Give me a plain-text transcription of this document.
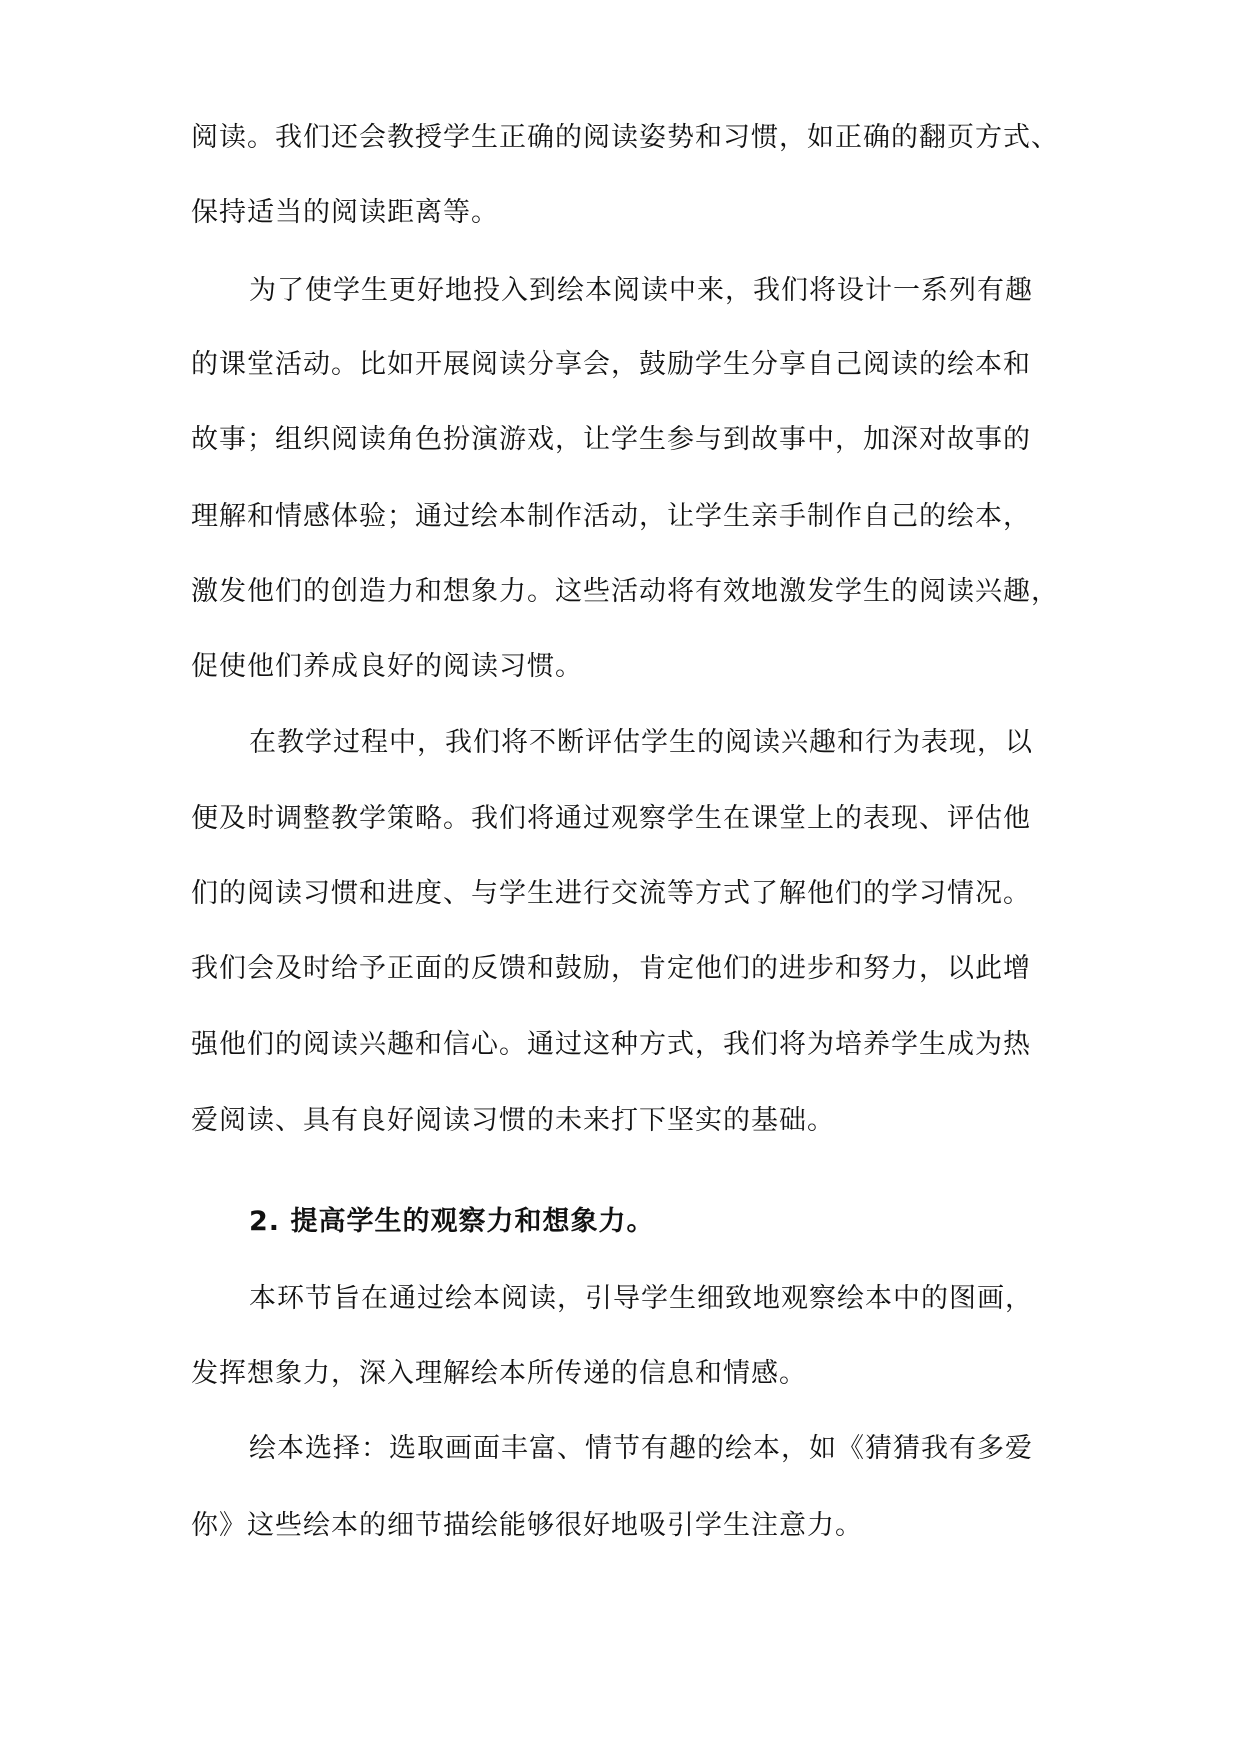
阅读。我们还会教授学生正确的阅读姿势和习惯，如正确的翻页方式、
保持适当的阅读距离等。
为了使学生更好地投入到绘本阅读中来，我们将设计一系列有趣
的课堂活动。比如开展阅读分享会，鼓励学生分享自己阅读的绘本和
故事；组织阅读角色扮演游戏，让学生参与到故事中，加深对故事的
理解和情感体验；通过绘本制作活动，让学生亲手制作自己的绘本，
激发他们的创造力和想象力。这些活动将有效地激发学生的阅读兴趣，
促使他们养成良好的阅读习惯。
在教学过程中，我们将不断评估学生的阅读兴趣和行为表现，以
便及时调整教学策略。我们将通过观察学生在课堂上的表现、评估他
们的阅读习惯和进度、与学生进行交流等方式了解他们的学习情况。
我们会及时给予正面的反馈和鼓励，肯定他们的进步和努力，以此增
强他们的阅读兴趣和信心。通过这种方式，我们将为培养学生成为热
爱阅读、具有良好阅读习惯的未来打下坚实的基础。
2. 提高学生的观察力和想象力。
本环节旨在通过绘本阅读，引导学生细致地观察绘本中的图画，
发挥想象力，深入理解绘本所传递的信息和情感。
绘本选择：选取画面丰富、情节有趣的绘本，如《猜猜我有多爱
你》这些绘本的细节描绘能够很好地吸引学生注意力。
